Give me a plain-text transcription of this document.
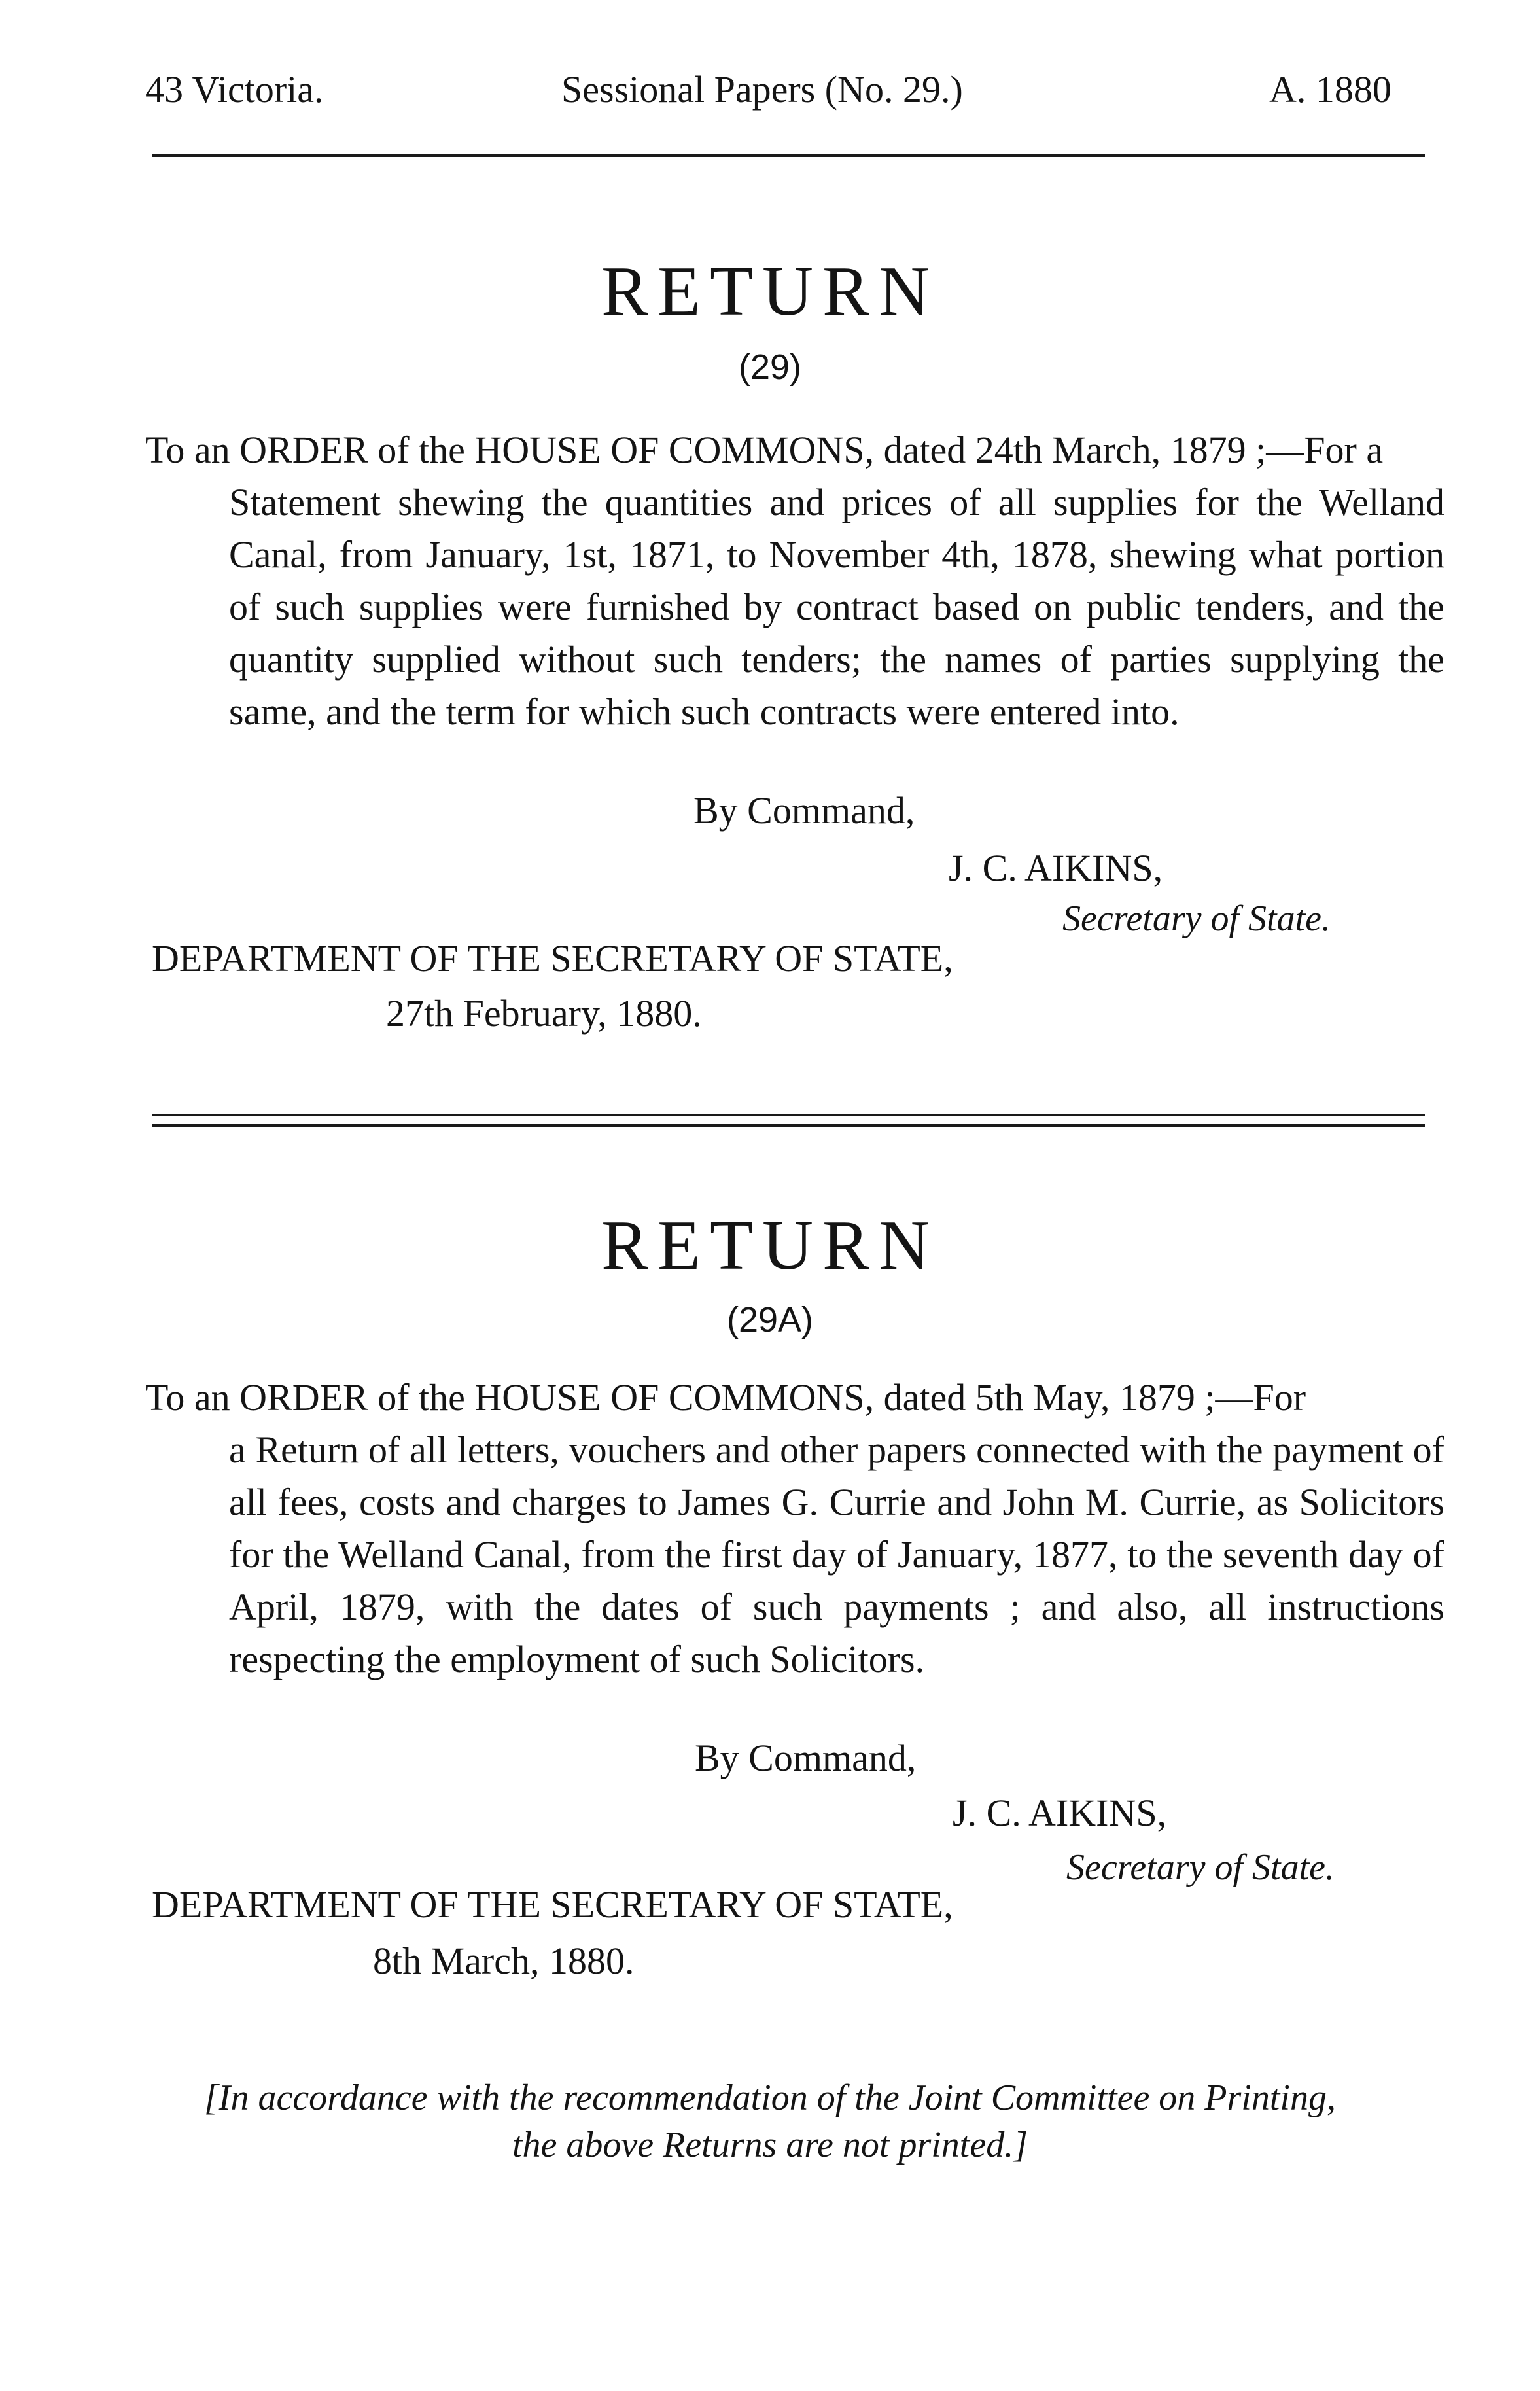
43 Victoria.	Sessional Papers (No. 29.)	A. 1880
RETURN
(29)
To an ORDER of the HOUSE OF COMMONS, dated 24th March, 1879 ;—For a
Statement shewing the quantities and prices of all supplies for the Welland Canal, from January, 1st, 1871, to November 4th, 1878, shewing what portion of such supplies were furnished by contract based on public tenders, and the quantity supplied without such tenders; the names of parties supplying the same, and the term for which such contracts were entered into.
By Command,
J. C. AIKINS,
Secretary of State.
DEPARTMENT OF THE SECRETARY OF STATE,
27th February, 1880.
RETURN
(29A)
To an ORDER of the HOUSE OF COMMONS, dated 5th May, 1879 ;—For
a Return of all letters, vouchers and other papers connected with the payment of all fees, costs and charges to James G. Currie and John M. Currie, as Solicitors for the Welland Canal, from the first day of January, 1877, to the seventh day of April, 1879, with the dates of such payments ; and also, all instructions respecting the employment of such Solicitors.
By Command,
J. C. AIKINS,
Secretary of State.
DEPARTMENT OF THE SECRETARY OF STATE,
8th March, 1880.
[In accordance with the recommendation of the Joint Committee on Printing,
the above Returns are not printed.]
